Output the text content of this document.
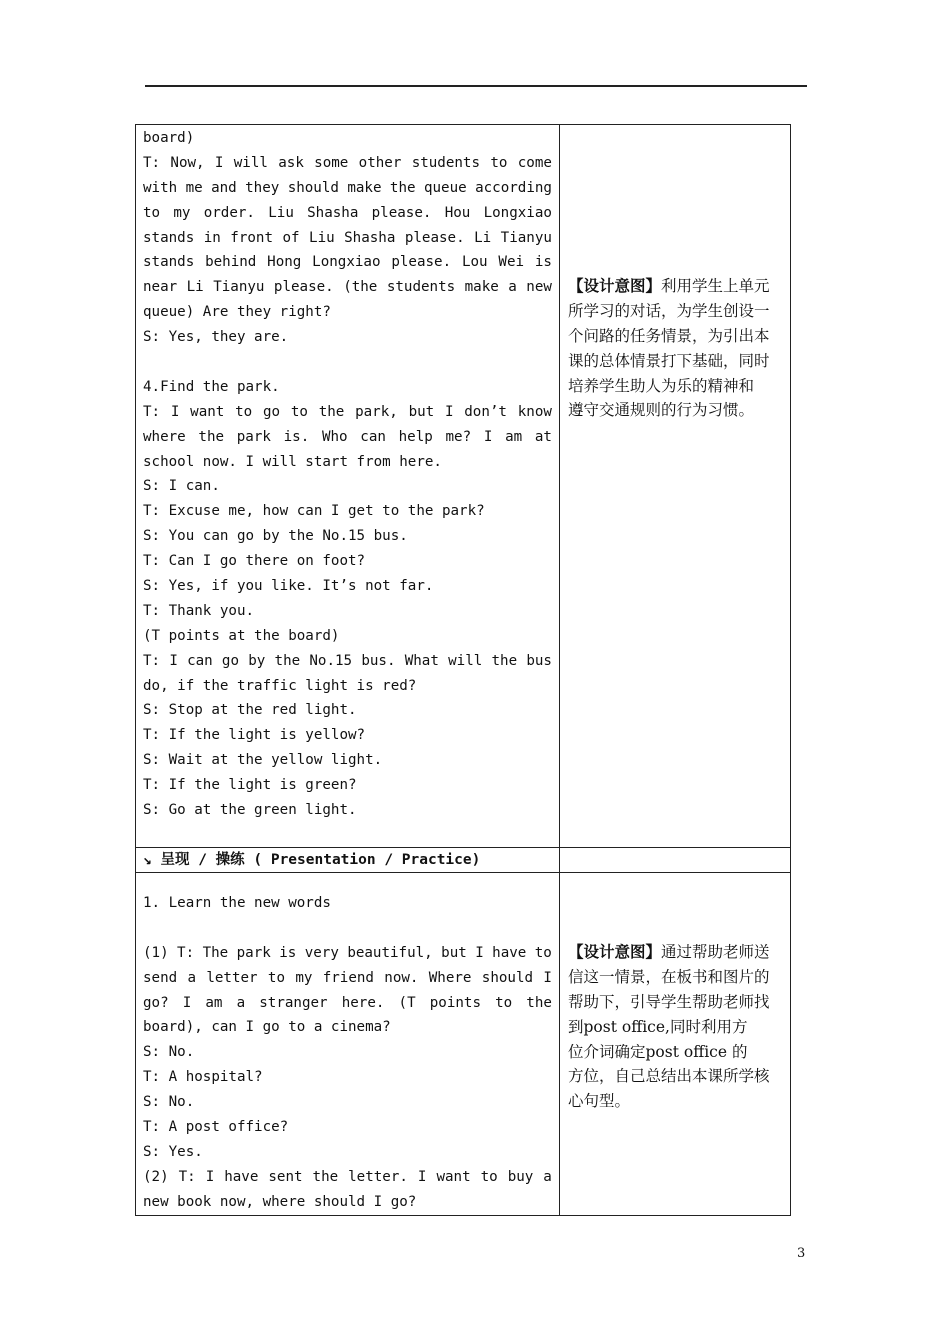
board)
T: Now, I will ask some other students to come
with me and they should make the queue according
to my order. Liu Shasha please. Hou Longxiao
stands in front of Liu Shasha please. Li Tianyu
stands behind Hong Longxiao please. Lou Wei is
near Li Tianyu please. (the students make a new
queue) Are they right?
S: Yes, they are.
4.Find the park.
T: I want to go to the park, but I don’t know
where the park is. Who can help me? I am at
school now. I will start from here.
S: I can.
T: Excuse me, how can I get to the park?
S: You can go by the No.15 bus.
T: Can I go there on foot?
S: Yes, if you like. It’s not far.
T: Thank you.
(T points at the board)
T: I can go by the No.15 bus. What will the bus
do, if the traffic light is red?
S: Stop at the red light.
T: If the light is yellow?
S: Wait at the yellow light.
T: If the light is green?
S: Go at the green light.
【设计意图】 利用学生上单元
所学习的对话，为学生创设一
个问路的任务情景，为引出本
课的总体情景打下基础，同时
培养学生助人为乐的精神和
遵守交通规则的行为习惯。
↘ 呈现 / 操练 ( Presentation / Practice)
1. Learn the new words
(1) T: The park is very beautiful, but I have to
send a letter to my friend now. Where should I
go? I am a stranger here. (T points to the
board), can I go to a cinema?
S: No.
T: A hospital?
S: No.
T: A post office?
S: Yes.
(2) T: I have sent the letter. I want to buy a
new book now, where should I go?
【设计意图】 通过帮助老师送
信这一情景，在板书和图片的
帮助下，引导学生帮助老师找
到post office,同时利用方
位介词确定post office 的
方位，自己总结出本课所学核
心句型。
3
